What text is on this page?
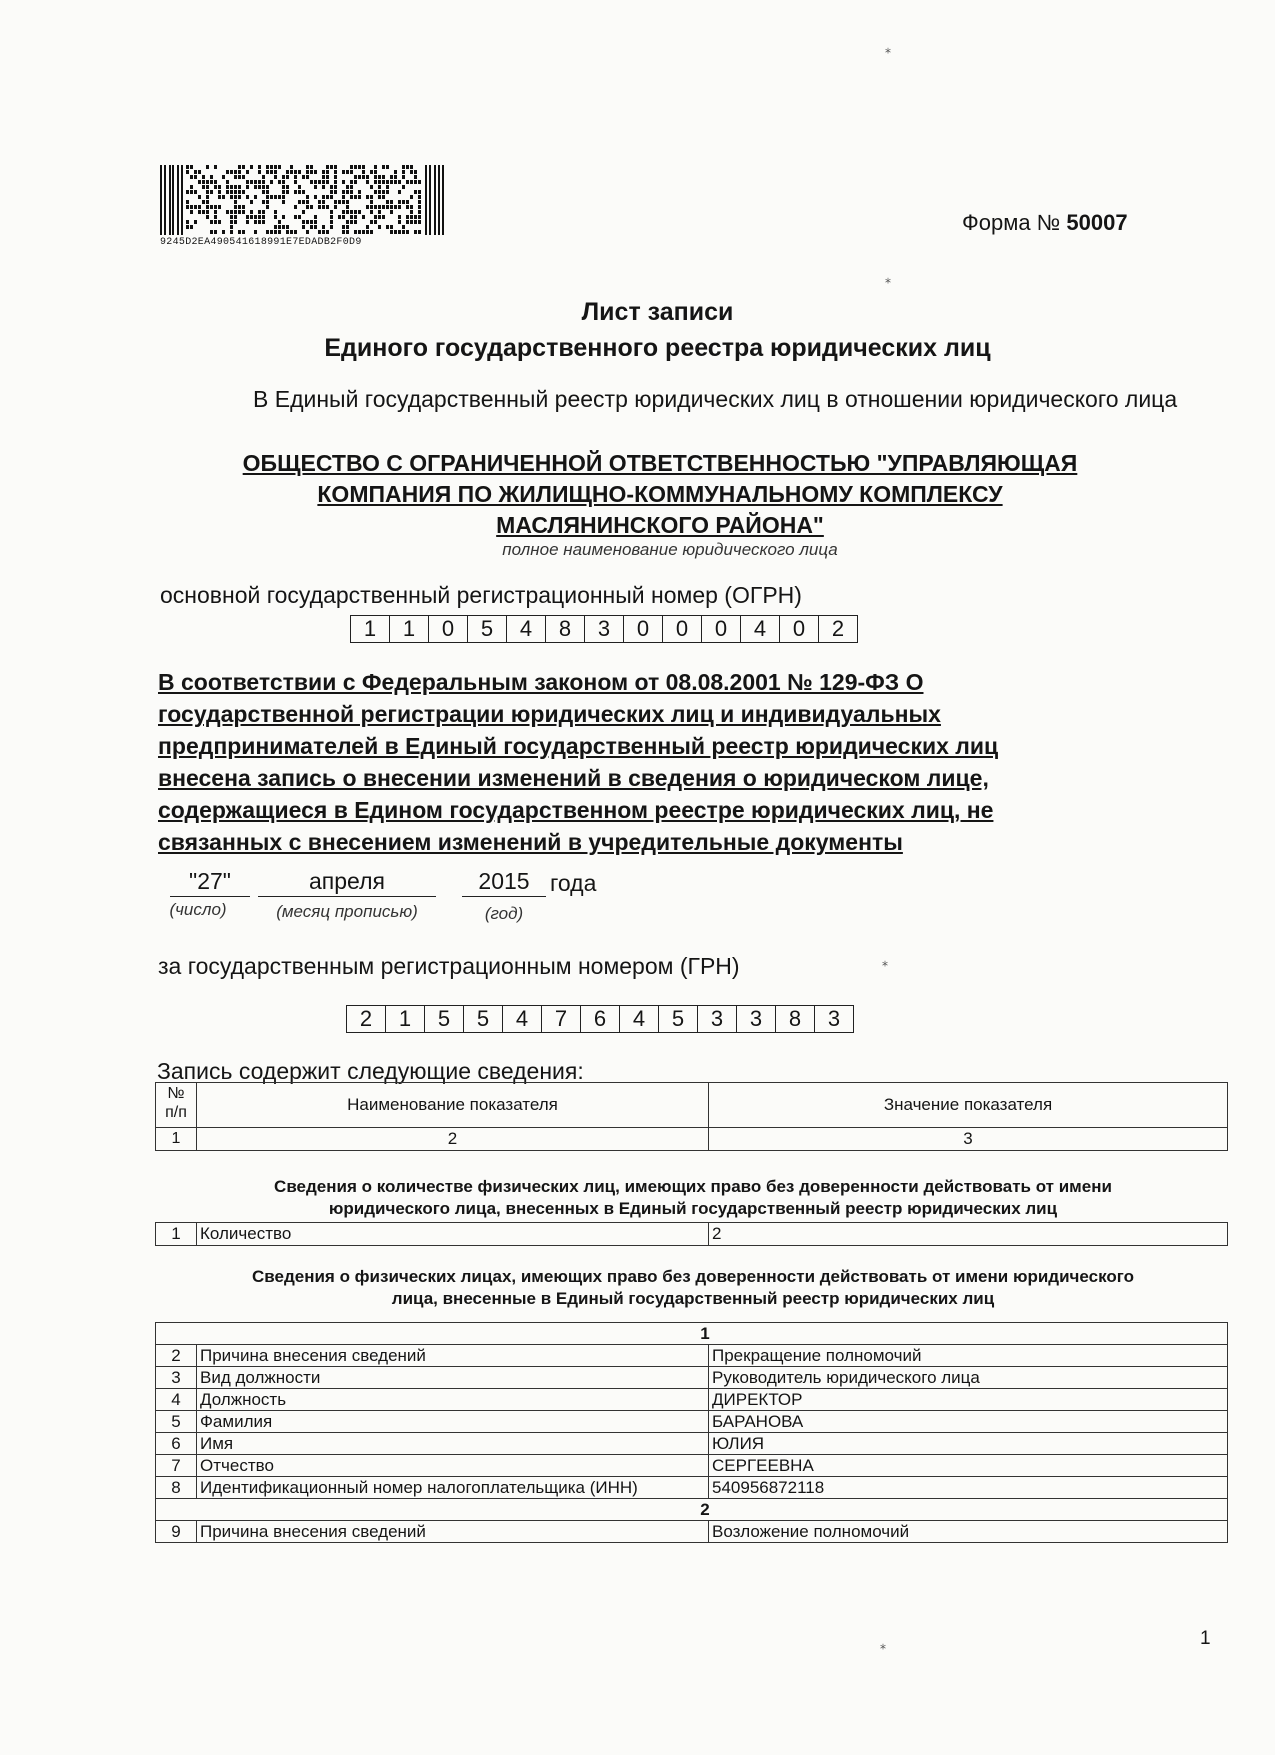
9245D2EA490541618991E7EDADB2F0D9
Форма № 50007
Лист записи
Единого государственного реестра юридических лиц
В Единый государственный реестр юридических лиц в отношении юридического лица
ОБЩЕСТВО С ОГРАНИЧЕННОЙ ОТВЕТСТВЕННОСТЬЮ "УПРАВЛЯЮЩАЯ
КОМПАНИЯ ПО ЖИЛИЩНО-КОММУНАЛЬНОМУ КОМПЛЕКСУ
МАСЛЯНИНСКОГО РАЙОНА"
полное наименование юридического лица
основной государственный регистрационный номер (ОГРН)
1	1	0	5	4	8	3	0	0	0	4	0	2
В соответствии с Федеральным законом от 08.08.2001 № 129-ФЗ О
государственной регистрации юридических лиц и индивидуальных
предпринимателей в Единый государственный реестр юридических лиц
внесена запись о внесении изменений в сведения о юридическом лице,
содержащиеся в Едином государственном реестре юридических лиц, не
связанных с внесением изменений в учредительные документы
"27"	апреля	2015 года
(число)	(месяц прописью)	(год)
за государственным регистрационным номером (ГРН)
2	1	5	5	4	7	6	4	5	3	3	8	3
Запись содержит следующие сведения:
№ п/п	Наименование показателя	Значение показателя
1	2	3
Сведения о количестве физических лиц, имеющих право без доверенности действовать от имени
юридического лица, внесенных в Единый государственный реестр юридических лиц
1	Количество	2
Сведения о физических лицах, имеющих право без доверенности действовать от имени юридического
лица, внесенные в Единый государственный реестр юридических лиц
1		
2	Причина внесения сведений	Прекращение полномочий
3	Вид должности	Руководитель юридического лица
4	Должность	ДИРЕКТОР
5	Фамилия	БАРАНОВА
6	Имя	ЮЛИЯ
7	Отчество	СЕРГЕЕВНА
8	Идентификационный номер налогоплательщика (ИНН)	540956872118
2		
9	Причина внесения сведений	Возложение полномочий
1
⁎
⁎
⁎
⁎
